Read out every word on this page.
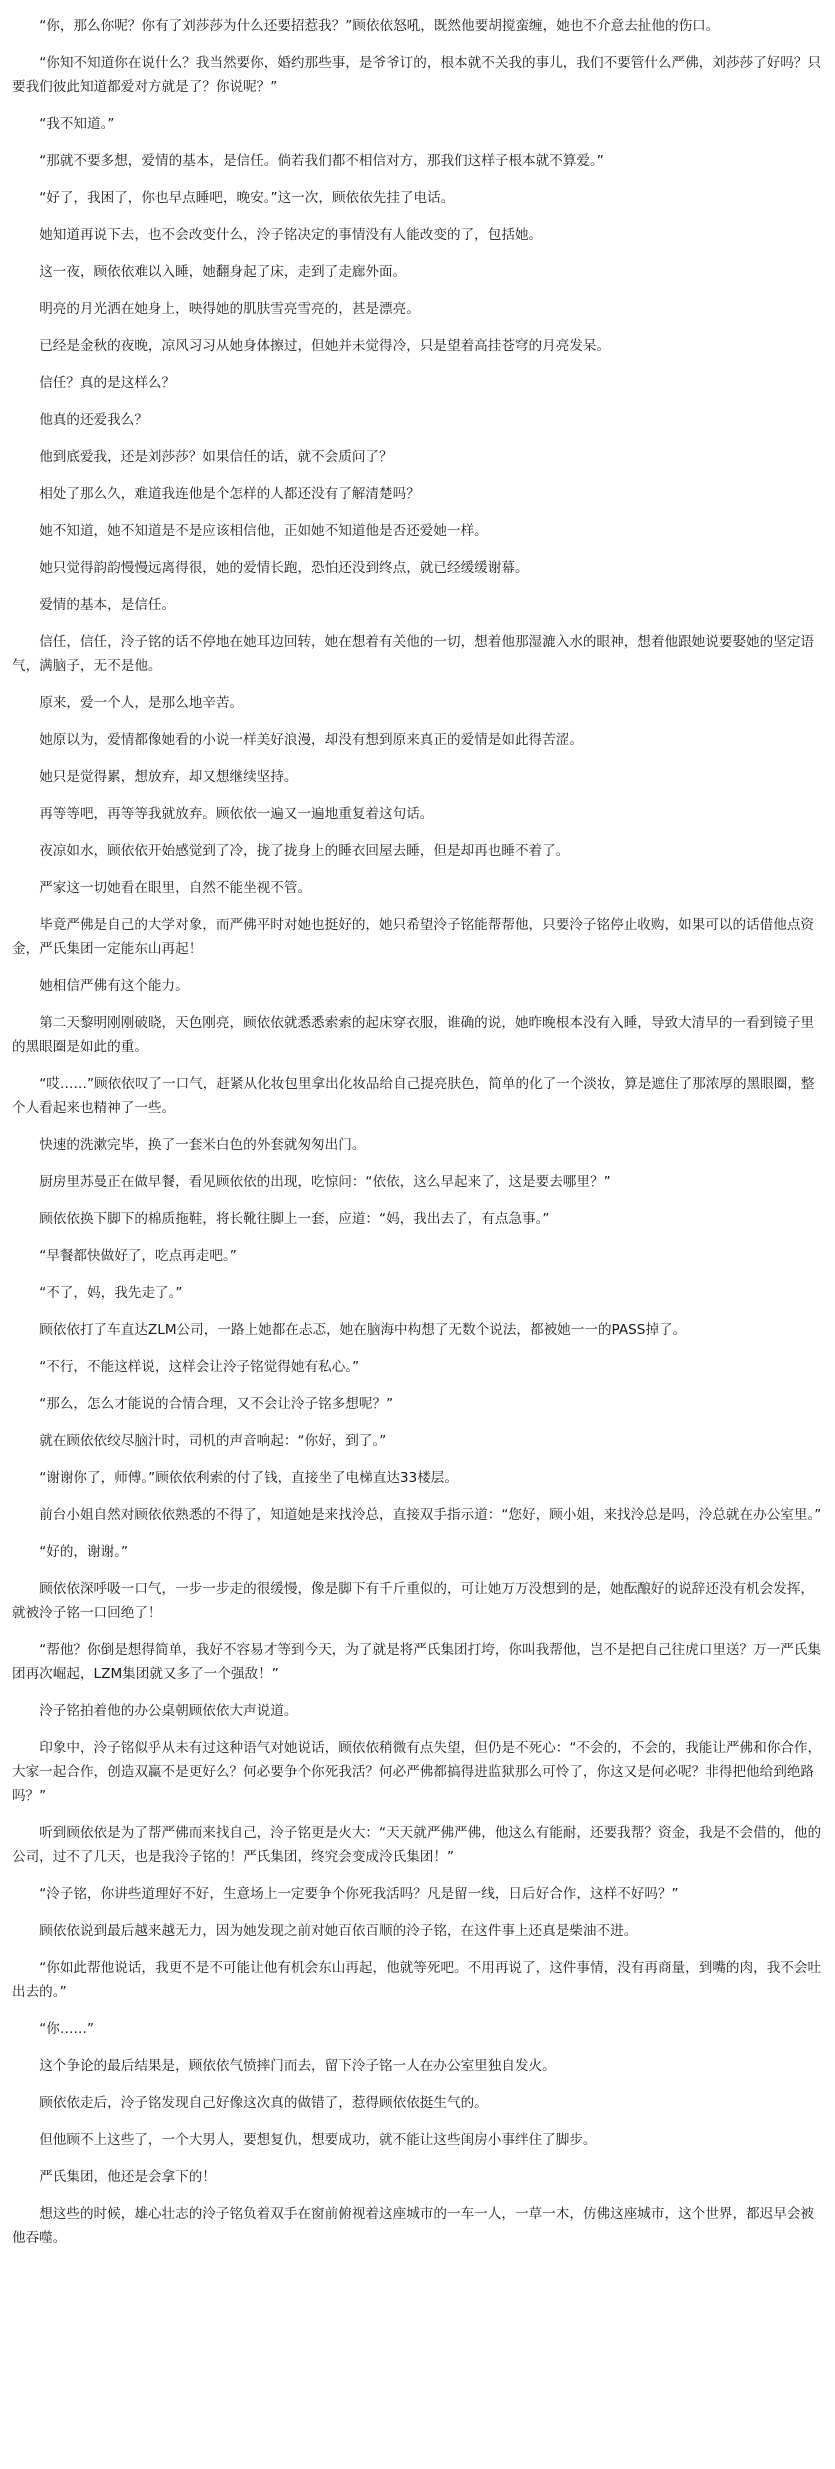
“你，那么你呢？你有了刘莎莎为什么还要招惹我？”顾依依怒吼，既然他要胡搅蛮缠，她也不介意去扯他的伤口。

“你知不知道你在说什么？我当然要你，婚约那些事，是爷爷订的，根本就不关我的事儿，我们不要管什么严佛，刘莎莎了好吗？只要我们彼此知道都爱对方就是了？你说呢？”

“我不知道。”

“那就不要多想，爱情的基本，是信任。倘若我们都不相信对方，那我们这样子根本就不算爱。”

“好了，我困了，你也早点睡吧，晚安。”这一次，顾依依先挂了电话。

她知道再说下去，也不会改变什么，泠子铭决定的事情没有人能改变的了，包括她。

这一夜，顾依依难以入睡，她翻身起了床，走到了走廊外面。

明亮的月光洒在她身上，映得她的肌肤雪亮雪亮的，甚是漂亮。

已经是金秋的夜晚，凉风习习从她身体擦过，但她并未觉得冷，只是望着高挂苍穹的月亮发呆。

信任？真的是这样么？

他真的还爱我么？

他到底爱我，还是刘莎莎？如果信任的话，就不会质问了？

相处了那么久，难道我连他是个怎样的人都还没有了解清楚吗？

她不知道，她不知道是不是应该相信他，正如她不知道他是否还爱她一样。

她只觉得韵韵慢慢远离得很，她的爱情长跑，恐怕还没到终点，就已经缓缓谢幕。

爱情的基本，是信任。

信任，信任，泠子铭的话不停地在她耳边回转，她在想着有关他的一切，想着他那湿漉入水的眼神，想着他跟她说要娶她的坚定语气，满脑子，无不是他。

原来，爱一个人，是那么地辛苦。

她原以为，爱情都像她看的小说一样美好浪漫，却没有想到原来真正的爱情是如此得苦涩。

她只是觉得累，想放弃，却又想继续坚持。

再等等吧，再等等我就放弃。顾依依一遍又一遍地重复着这句话。

夜凉如水，顾依依开始感觉到了冷，拢了拢身上的睡衣回屋去睡，但是却再也睡不着了。

严家这一切她看在眼里，自然不能坐视不管。

毕竟严佛是自己的大学对象，而严佛平时对她也挺好的，她只希望泠子铭能帮帮他，只要泠子铭停止收购，如果可以的话借他点资金，严氏集团一定能东山再起！

她相信严佛有这个能力。

第二天黎明刚刚破晓，天色刚亮，顾依依就悉悉索索的起床穿衣服，谁确的说，她昨晚根本没有入睡，导致大清早的一看到镜子里的黑眼圈是如此的重。

“哎……”顾依依叹了一口气，赶紧从化妆包里拿出化妆品给自己提亮肤色，简单的化了一个淡妆，算是遮住了那浓厚的黑眼圈，整个人看起来也精神了一些。

快速的洗漱完毕，换了一套米白色的外套就匆匆出门。

厨房里苏曼正在做早餐，看见顾依依的出现，吃惊问：“依依，这么早起来了，这是要去哪里？”

顾依依换下脚下的棉质拖鞋，将长靴往脚上一套，应道：“妈，我出去了，有点急事。”

“早餐都快做好了，吃点再走吧。”

“不了，妈，我先走了。”

顾依依打了车直达ZLM公司，一路上她都在忐忑，她在脑海中构想了无数个说法，都被她一一的PASS掉了。

“不行，不能这样说，这样会让泠子铭觉得她有私心。”

“那么，怎么才能说的合情合理，又不会让泠子铭多想呢？”

就在顾依依绞尽脑汁时，司机的声音响起：“你好，到了。”

“谢谢你了，师傅。”顾依依利索的付了钱，直接坐了电梯直达33楼层。

前台小姐自然对顾依依熟悉的不得了，知道她是来找泠总，直接双手指示道：“您好，顾小姐，来找泠总是吗，泠总就在办公室里。”

“好的，谢谢。”

顾依依深呼吸一口气，一步一步走的很缓慢，像是脚下有千斤重似的，可让她万万没想到的是，她酝酿好的说辞还没有机会发挥，就被泠子铭一口回绝了！

“帮他？你倒是想得简单，我好不容易才等到今天，为了就是将严氏集团打垮，你叫我帮他，岂不是把自己往虎口里送？万一严氏集团再次崛起，LZM集团就又多了一个强敌！”

泠子铭拍着他的办公桌朝顾依依大声说道。

印象中，泠子铭似乎从未有过这种语气对她说话，顾依依稍微有点失望，但仍是不死心：“不会的，不会的，我能让严佛和你合作，大家一起合作，创造双赢不是更好么？何必要争个你死我活？何必严佛都搞得进监狱那么可怜了，你这又是何必呢？非得把他给到绝路吗？”

听到顾依依是为了帮严佛而来找自己，泠子铭更是火大：“天天就严佛严佛，他这么有能耐，还要我帮？资金，我是不会借的，他的公司，过不了几天，也是我泠子铭的！严氏集团，终究会变成泠氏集团！”

“泠子铭，你讲些道理好不好，生意场上一定要争个你死我活吗？凡是留一线，日后好合作，这样不好吗？”

顾依依说到最后越来越无力，因为她发现之前对她百依百顺的泠子铭，在这件事上还真是柴油不进。

“你如此帮他说话，我更不是不可能让他有机会东山再起，他就等死吧。不用再说了，这件事情，没有再商量，到嘴的肉，我不会吐出去的。”

“你……”

这个争论的最后结果是，顾依依气愤摔门而去，留下泠子铭一人在办公室里独自发火。

顾依依走后，泠子铭发现自己好像这次真的做错了，惹得顾依依挺生气的。

但他顾不上这些了，一个大男人，要想复仇，想要成功，就不能让这些闺房小事绊住了脚步。

严氏集团，他还是会拿下的！

想这些的时候，雄心壮志的泠子铭负着双手在窗前俯视着这座城市的一车一人，一草一木，仿佛这座城市，这个世界，都迟早会被他吞噬。
